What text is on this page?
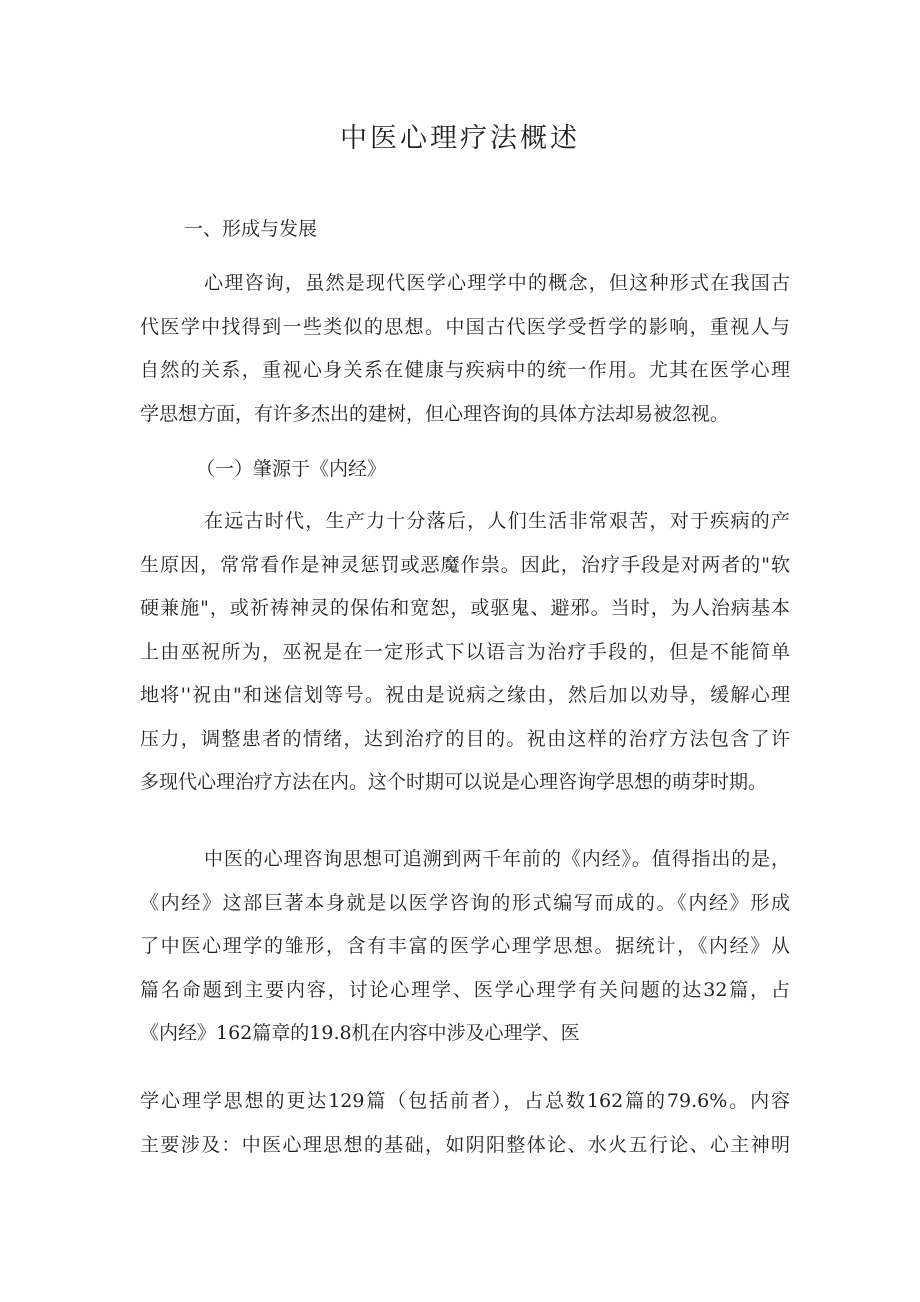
中医心理疗法概述
一、形成与发展
心理咨询，虽然是现代医学心理学中的概念，但这种形式在我国古
代医学中找得到一些类似的思想。中国古代医学受哲学的影响，重视人与
自然的关系，重视心身关系在健康与疾病中的统一作用。尤其在医学心理
学思想方面，有许多杰出的建树，但心理咨询的具体方法却易被忽视。
（一）肇源于《内经》
在远古时代，生产力十分落后，人们生活非常艰苦，对于疾病的产
生原因，常常看作是神灵惩罚或恶魔作祟。因此，治疗手段是对两者的"软
硬兼施"，或祈祷神灵的保佑和宽恕，或驱鬼、避邪。当时，为人治病基本
上由巫祝所为，巫祝是在一定形式下以语言为治疗手段的，但是不能简单
地将''祝由"和迷信划等号。祝由是说病之缘由，然后加以劝导，缓解心理
压力，调整患者的情绪，达到治疗的目的。祝由这样的治疗方法包含了许
多现代心理治疗方法在内。这个时期可以说是心理咨询学思想的萌芽时期。
中医的心理咨询思想可追溯到两千年前的《内经》。值得指出的是，
《内经》这部巨著本身就是以医学咨询的形式编写而成的。《内经》形成
了中医心理学的雏形，含有丰富的医学心理学思想。据统计，《内经》从
篇名命题到主要内容，讨论心理学、医学心理学有关问题的达32篇，占
《内经》162篇章的19.8机在内容中涉及心理学、医
学心理学思想的更达129篇（包括前者），占总数162篇的79.6%。内容
主要涉及：中医心理思想的基础，如阴阳整体论、水火五行论、心主神明
